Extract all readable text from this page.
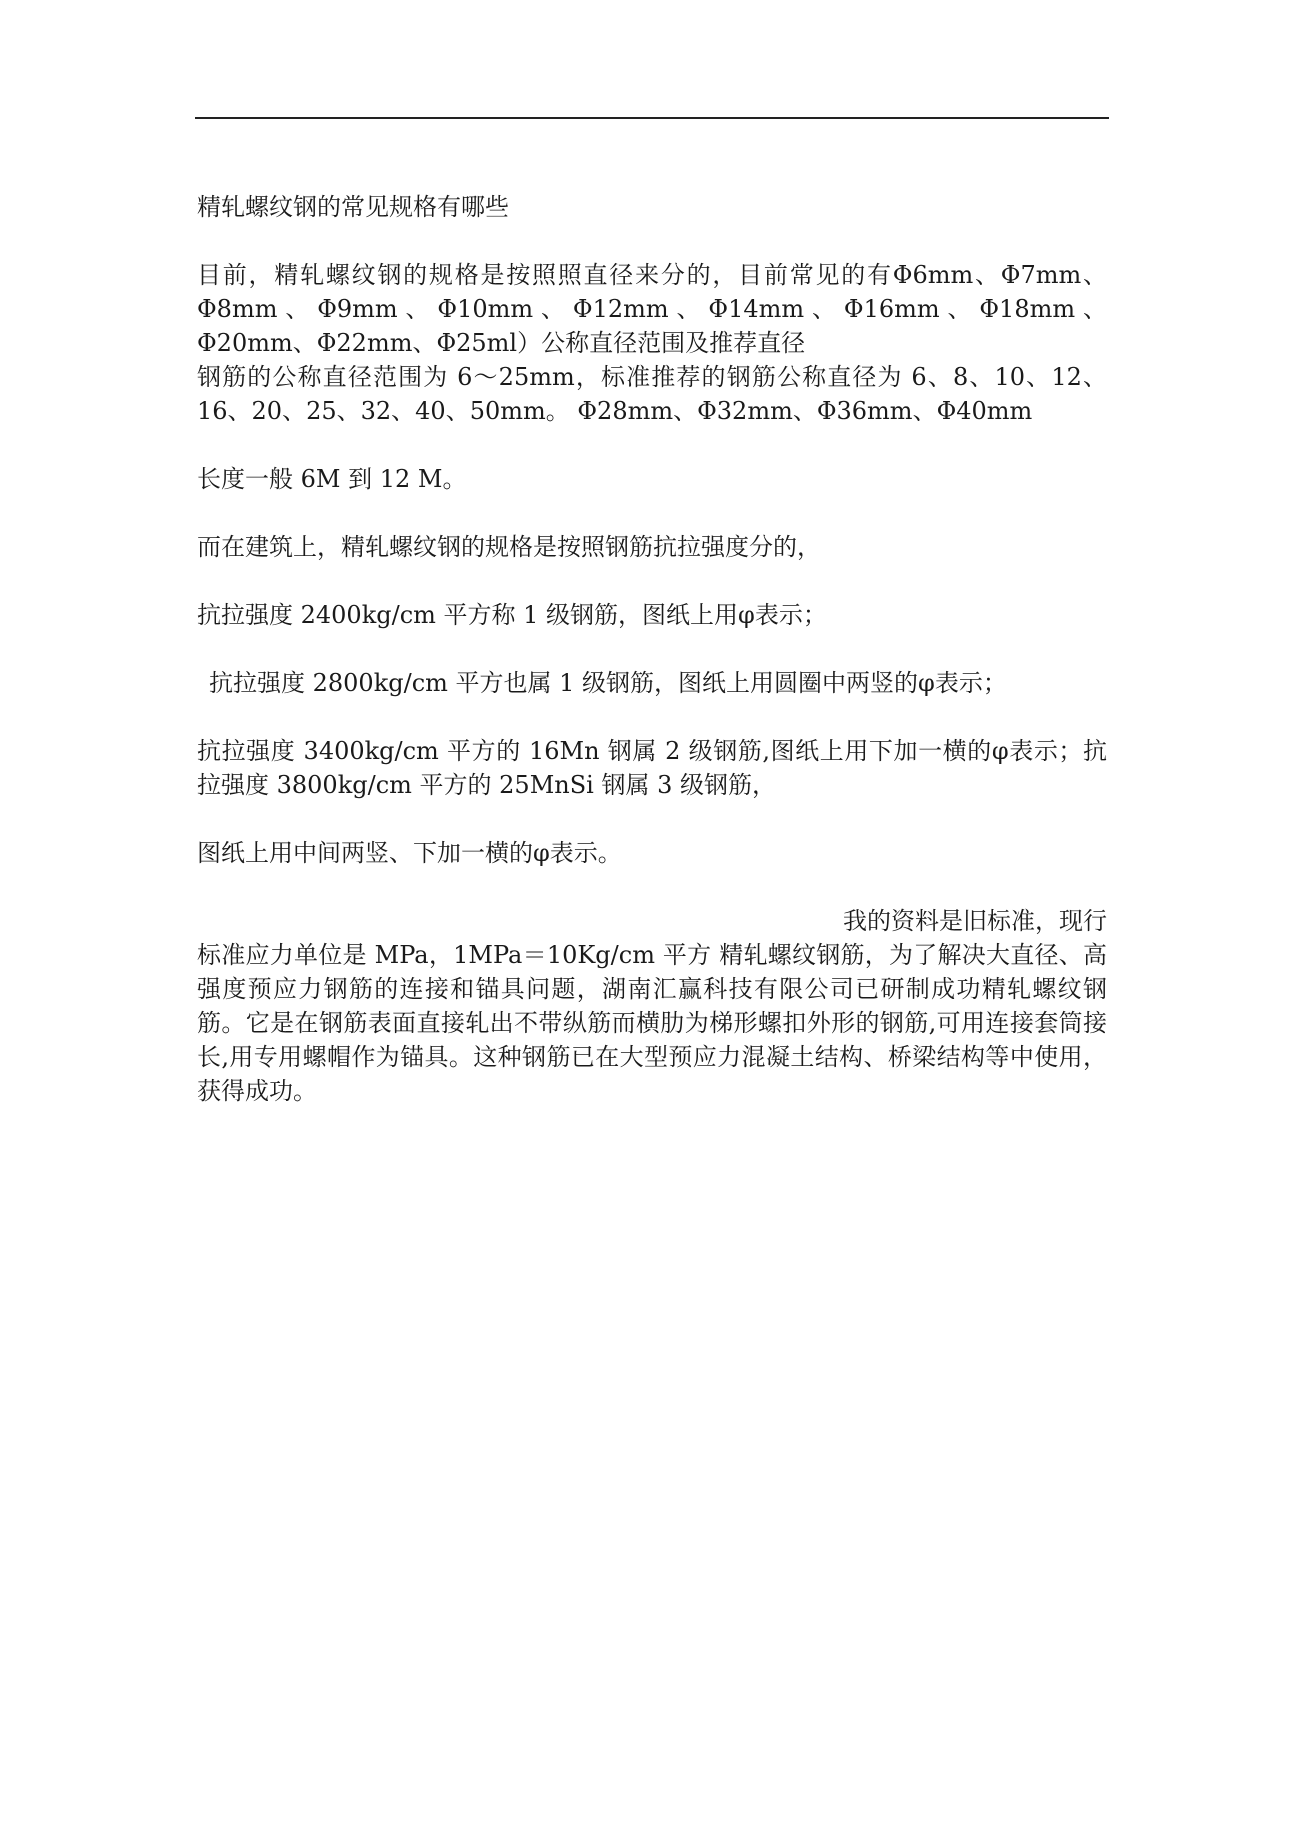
精轧螺纹钢的常见规格有哪些

目前，精轧螺纹钢的规格是按照照直径来分的，目前常见的有Φ6mm、Φ7mm、Φ8mm、Φ9mm、Φ10mm、Φ12mm、Φ14mm、Φ16mm、Φ18mm、Φ20mm、Φ22mm、Φ25ml）公称直径范围及推荐直径

钢筋的公称直径范围为 6～25mm，标准推荐的钢筋公称直径为 6、8、10、12、16、20、25、32、40、50mm。 Φ28mm、Φ32mm、Φ36mm、Φ40mm

长度一般 6M 到 12 M。

而在建筑上，精轧螺纹钢的规格是按照钢筋抗拉强度分的，

抗拉强度 2400kg/cm 平方称 1 级钢筋，图纸上用φ表示；

抗拉强度 2800kg/cm 平方也属 1 级钢筋，图纸上用圆圈中两竖的φ表示；

抗拉强度 3400kg/cm 平方的 16Mn 钢属 2 级钢筋,图纸上用下加一横的φ表示；抗拉强度 3800kg/cm 平方的 25MnSi 钢属 3 级钢筋，

图纸上用中间两竖、下加一横的φ表示。

我的资料是旧标准，现行

标准应力单位是 MPa，1MPa＝10Kg/cm 平方 精轧螺纹钢筋，为了解决大直径、高强度预应力钢筋的连接和锚具问题，湖南汇赢科技有限公司已研制成功精轧螺纹钢筋。它是在钢筋表面直接轧出不带纵筋而横肋为梯形螺扣外形的钢筋,可用连接套筒接长,用专用螺帽作为锚具。这种钢筋已在大型预应力混凝土结构、桥梁结构等中使用，获得成功。
